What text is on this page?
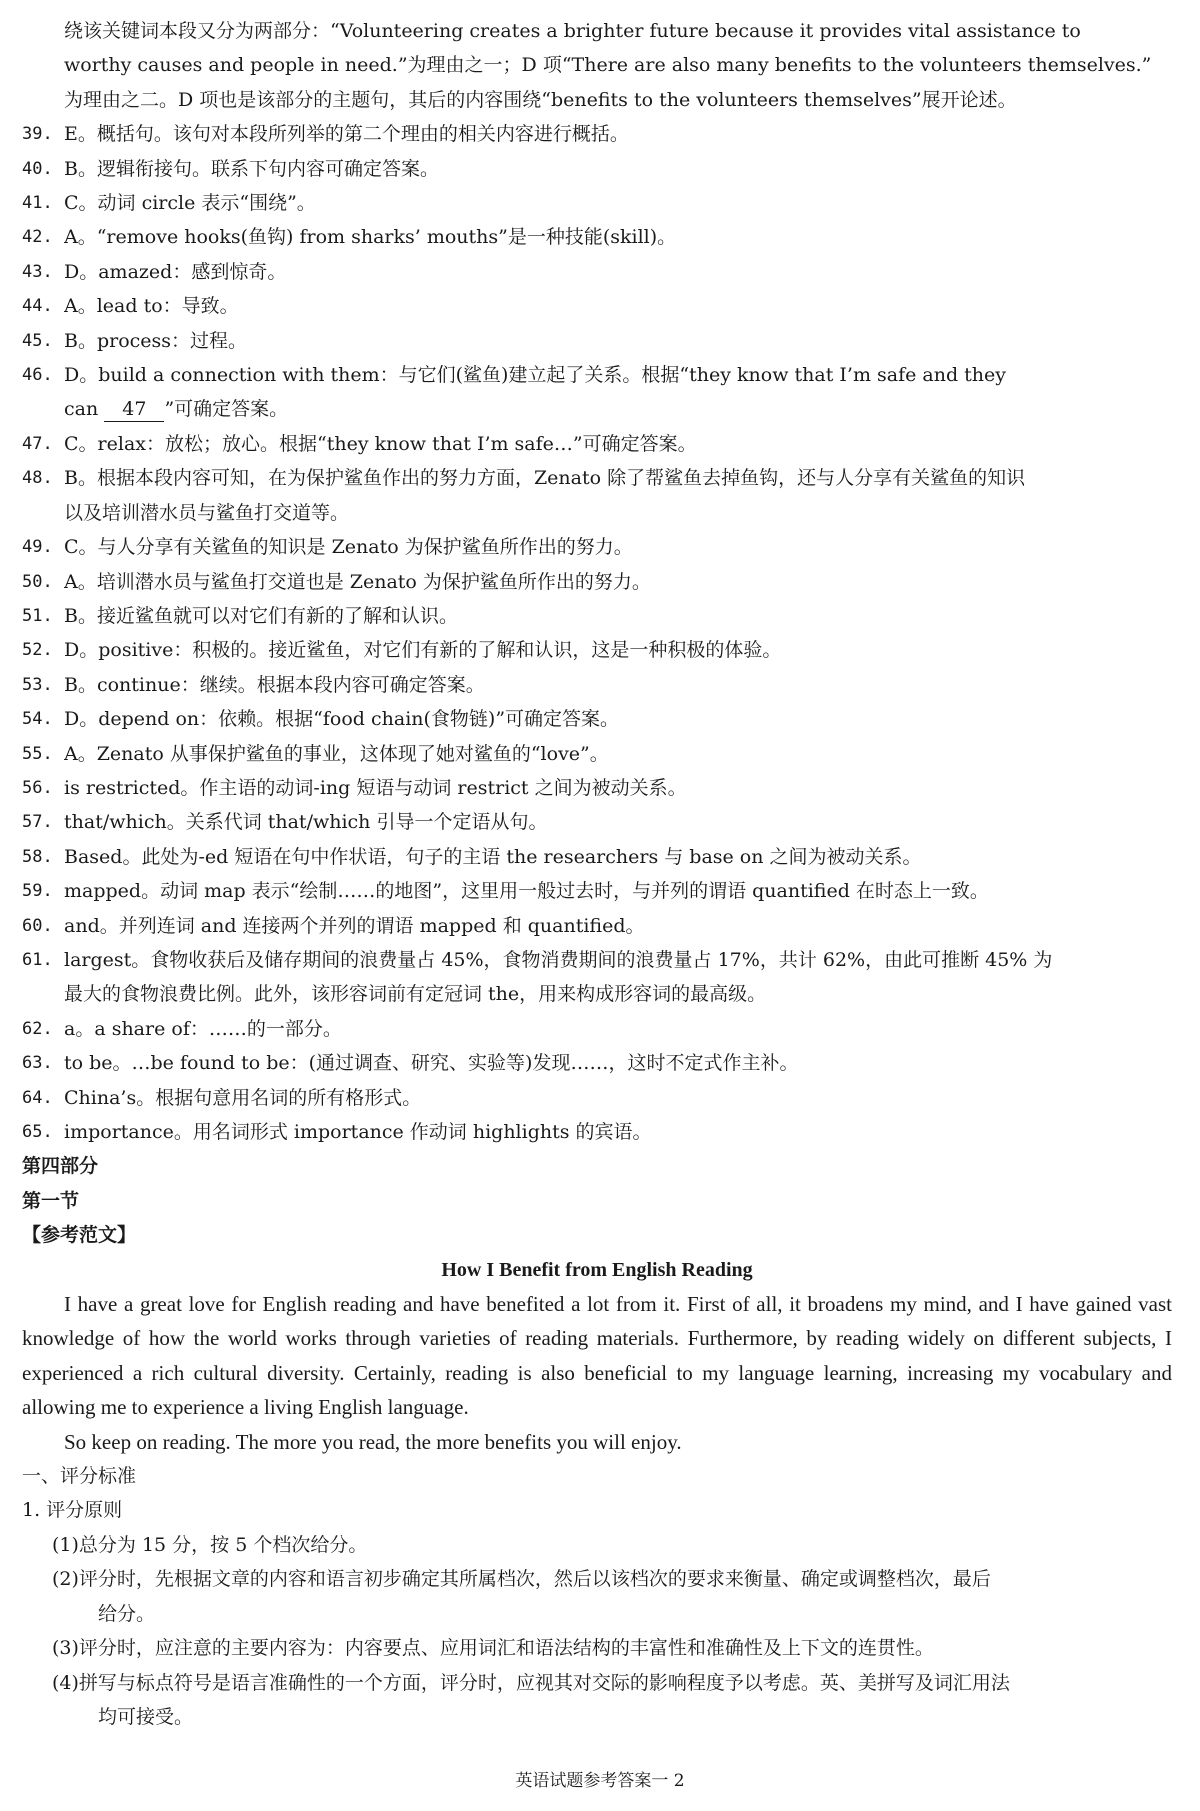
绕该关键词本段又分为两部分：“Volunteering creates a brighter future because it provides vital assistance to
worthy causes and people in need.”为理由之一；D 项“There are also many benefits to the volunteers themselves.”
为理由之二。D 项也是该部分的主题句，其后的内容围绕“benefits to the volunteers themselves”展开论述。
39. E。概括句。该句对本段所列举的第二个理由的相关内容进行概括。
40. B。逻辑衔接句。联系下句内容可确定答案。
41. C。动词 circle 表示“围绕”。
42. A。“remove hooks(鱼钩) from sharks’ mouths”是一种技能(skill)。
43. D。amazed：感到惊奇。
44. A。lead to：导致。
45. B。process：过程。
46. D。build a connection with them：与它们(鲨鱼)建立起了关系。根据“they know that I’m safe and they
can 47 ”可确定答案。
47. C。relax：放松；放心。根据“they know that I’m safe…”可确定答案。
48. B。根据本段内容可知，在为保护鲨鱼作出的努力方面，Zenato 除了帮鲨鱼去掉鱼钩，还与人分享有关鲨鱼的知识
以及培训潜水员与鲨鱼打交道等。
49. C。与人分享有关鲨鱼的知识是 Zenato 为保护鲨鱼所作出的努力。
50. A。培训潜水员与鲨鱼打交道也是 Zenato 为保护鲨鱼所作出的努力。
51. B。接近鲨鱼就可以对它们有新的了解和认识。
52. D。positive：积极的。接近鲨鱼，对它们有新的了解和认识，这是一种积极的体验。
53. B。continue：继续。根据本段内容可确定答案。
54. D。depend on：依赖。根据“food chain(食物链)”可确定答案。
55. A。Zenato 从事保护鲨鱼的事业，这体现了她对鲨鱼的“love”。
56. is restricted。作主语的动词-ing 短语与动词 restrict 之间为被动关系。
57. that/which。关系代词 that/which 引导一个定语从句。
58. Based。此处为-ed 短语在句中作状语，句子的主语 the researchers 与 base on 之间为被动关系。
59. mapped。动词 map 表示“绘制……的地图”，这里用一般过去时，与并列的谓语 quantified 在时态上一致。
60. and。并列连词 and 连接两个并列的谓语 mapped 和 quantified。
61. largest。食物收获后及储存期间的浪费量占 45%，食物消费期间的浪费量占 17%，共计 62%，由此可推断 45% 为
最大的食物浪费比例。此外，该形容词前有定冠词 the，用来构成形容词的最高级。
62. a。a share of：……的一部分。
63. to be。…be found to be：(通过调查、研究、实验等)发现……，这时不定式作主补。
64. China’s。根据句意用名词的所有格形式。
65. importance。用名词形式 importance 作动词 highlights 的宾语。
第四部分
第一节
【参考范文】
How I Benefit from English Reading
I have a great love for English reading and have benefited a lot from it. First of all, it broadens my mind, and I have gained vast knowledge of how the world works through varieties of reading materials. Furthermore, by reading widely on different subjects, I experienced a rich cultural diversity. Certainly, reading is also beneficial to my language learning, increasing my vocabulary and allowing me to experience a living English language.
So keep on reading. The more you read, the more benefits you will enjoy.
一、评分标准
1. 评分原则
(1)总分为 15 分，按 5 个档次给分。
(2)评分时，先根据文章的内容和语言初步确定其所属档次，然后以该档次的要求来衡量、确定或调整档次，最后
给分。
(3)评分时，应注意的主要内容为：内容要点、应用词汇和语法结构的丰富性和准确性及上下文的连贯性。
(4)拼写与标点符号是语言准确性的一个方面，评分时，应视其对交际的影响程度予以考虑。英、美拼写及词汇用法
均可接受。
英语试题参考答案一 2
